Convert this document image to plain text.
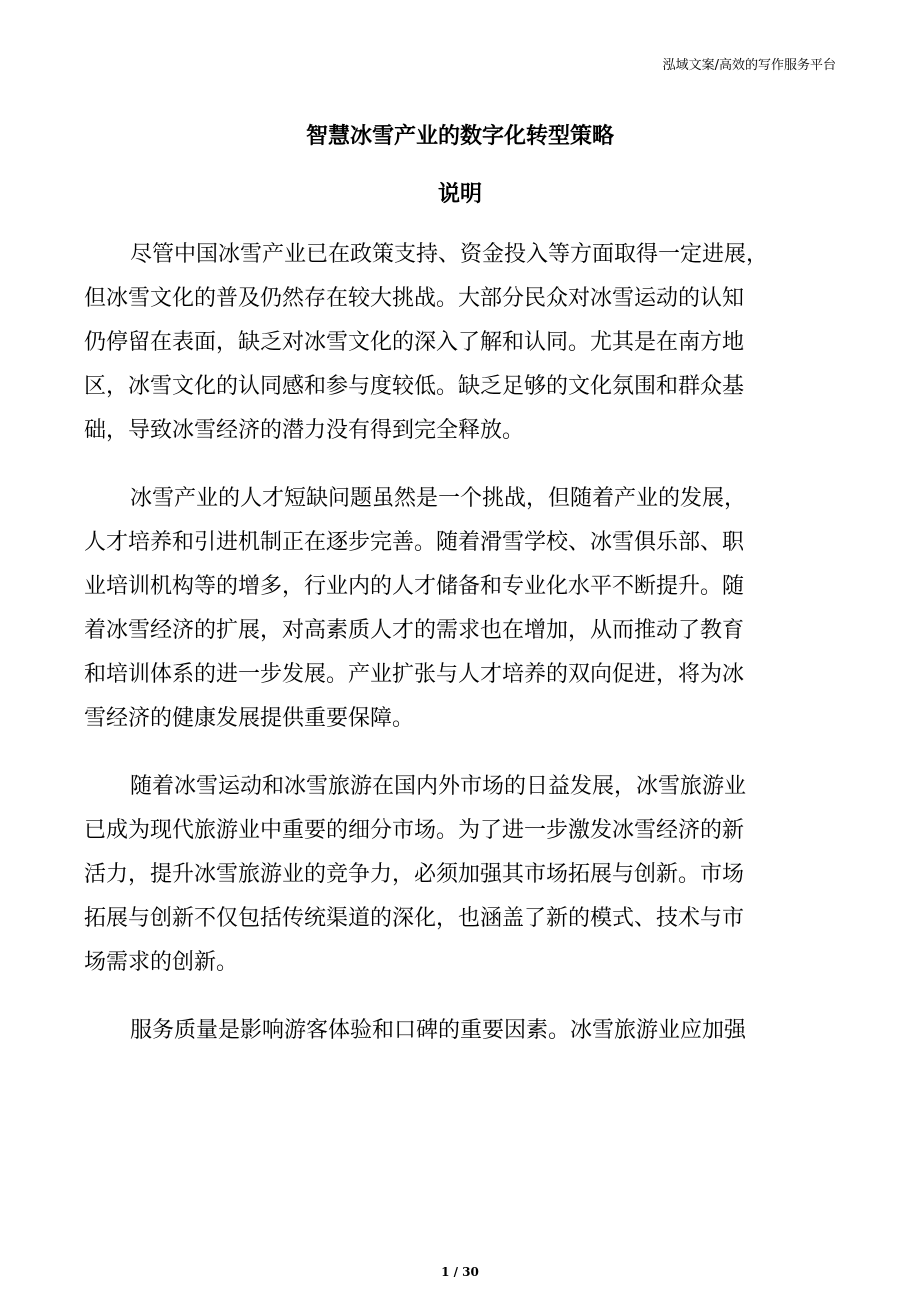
泓域文案/高效的写作服务平台
智慧冰雪产业的数字化转型策略
说明

尽管中国冰雪产业已在政策支持、资金投入等方面取得一定进展，
但冰雪文化的普及仍然存在较大挑战。大部分民众对冰雪运动的认知
仍停留在表面，缺乏对冰雪文化的深入了解和认同。尤其是在南方地
区，冰雪文化的认同感和参与度较低。缺乏足够的文化氛围和群众基
础，导致冰雪经济的潜力没有得到完全释放。

冰雪产业的人才短缺问题虽然是一个挑战，但随着产业的发展，
人才培养和引进机制正在逐步完善。随着滑雪学校、冰雪俱乐部、职
业培训机构等的增多，行业内的人才储备和专业化水平不断提升。随
着冰雪经济的扩展，对高素质人才的需求也在增加，从而推动了教育
和培训体系的进一步发展。产业扩张与人才培养的双向促进，将为冰
雪经济的健康发展提供重要保障。

随着冰雪运动和冰雪旅游在国内外市场的日益发展，冰雪旅游业
已成为现代旅游业中重要的细分市场。为了进一步激发冰雪经济的新
活力，提升冰雪旅游业的竞争力，必须加强其市场拓展与创新。市场
拓展与创新不仅包括传统渠道的深化，也涵盖了新的模式、技术与市
场需求的创新。

服务质量是影响游客体验和口碑的重要因素。冰雪旅游业应加强

1 / 30
